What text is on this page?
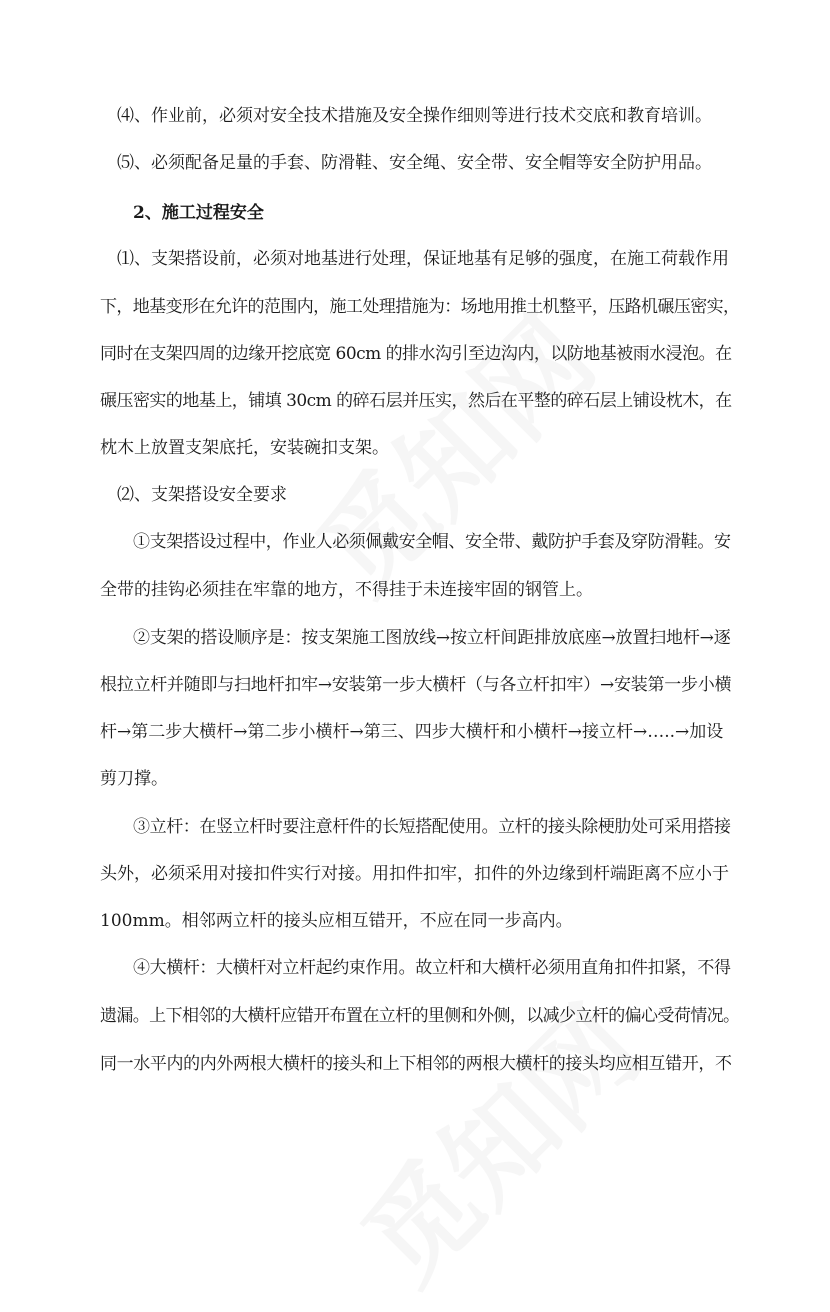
⑷、作业前，必须对安全技术措施及安全操作细则等进行技术交底和教育培训。
⑸、必须配备足量的手套、防滑鞋、安全绳、安全带、安全帽等安全防护用品。
2、施工过程安全
⑴、支架搭设前，必须对地基进行处理，保证地基有足够的强度，在施工荷载作用
下，地基变形在允许的范围内，施工处理措施为：场地用推土机整平，压路机碾压密实，
同时在支架四周的边缘开挖底宽 60cm 的排水沟引至边沟内，以防地基被雨水浸泡。在
碾压密实的地基上，铺填 30cm 的碎石层并压实，然后在平整的碎石层上铺设枕木，在
枕木上放置支架底托，安装碗扣支架。
⑵、支架搭设安全要求
①支架搭设过程中，作业人必须佩戴安全帽、安全带、戴防护手套及穿防滑鞋。安
全带的挂钩必须挂在牢靠的地方，不得挂于未连接牢固的钢管上。
②支架的搭设顺序是：按支架施工图放线→按立杆间距排放底座→放置扫地杆→逐
根拉立杆并随即与扫地杆扣牢→安装第一步大横杆（与各立杆扣牢）→安装第一步小横
杆→第二步大横杆→第二步小横杆→第三、四步大横杆和小横杆→接立杆→…..→加设
剪刀撑。
③立杆：在竖立杆时要注意杆件的长短搭配使用。立杆的接头除梗肋处可采用搭接
头外，必须采用对接扣件实行对接。用扣件扣牢，扣件的外边缘到杆端距离不应小于
100mm。相邻两立杆的接头应相互错开，不应在同一步高内。
④大横杆：大横杆对立杆起约束作用。故立杆和大横杆必须用直角扣件扣紧，不得
遗漏。上下相邻的大横杆应错开布置在立杆的里侧和外侧，以减少立杆的偏心受荷情况。
同一水平内的内外两根大横杆的接头和上下相邻的两根大横杆的接头均应相互错开，不
